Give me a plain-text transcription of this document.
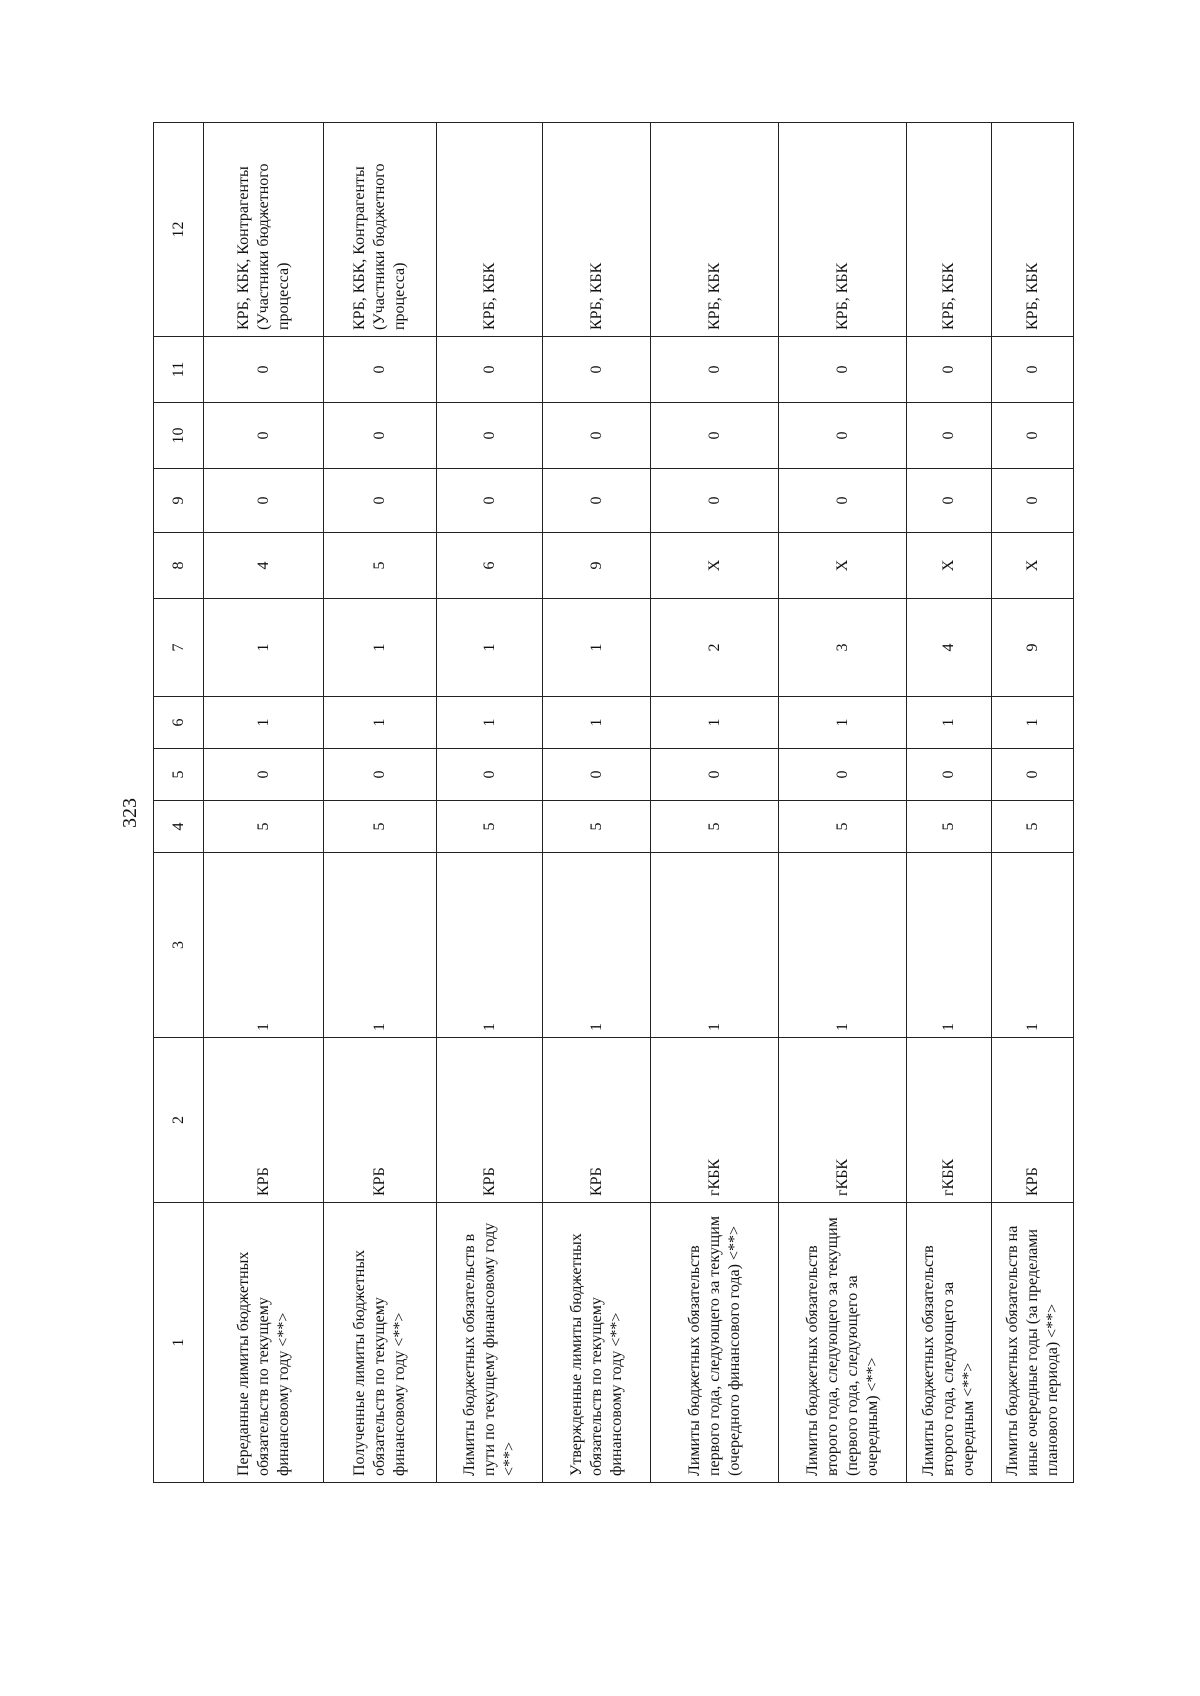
323
1	2	3	4	5	6	7	8	9	10	11	12
Переданные лимиты бюджетных обязательств по текущему финансовому году <**>	КРБ	1	5	0	1	1	4	0	0	0	КРБ, КБК, Контрагенты (Участники бюджетного процесса)
Полученные лимиты бюджетных обязательств по текущему финансовому году <**>	КРБ	1	5	0	1	1	5	0	0	0	КРБ, КБК, Контрагенты (Участники бюджетного процесса)
Лимиты бюджетных обязательств в пути по текущему финансовому году <**>	КРБ	1	5	0	1	1	6	0	0	0	КРБ, КБК
Утвержденные лимиты бюджетных обязательств по текущему финансовому году <**>	КРБ	1	5	0	1	1	9	0	0	0	КРБ, КБК
Лимиты бюджетных обязательств первого года, следующего за текущим (очередного финансового года) <**>	гКБК	1	5	0	1	2	X	0	0	0	КРБ, КБК
Лимиты бюджетных обязательств второго года, следующего за текущим (первого года, следующего за очередным) <**>	гКБК	1	5	0	1	3	X	0	0	0	КРБ, КБК
Лимиты бюджетных обязательств второго года, следующего за очередным <**>	гКБК	1	5	0	1	4	X	0	0	0	КРБ, КБК
Лимиты бюджетных обязательств на иные очередные годы (за пределами планового периода) <**>	КРБ	1	5	0	1	9	X	0	0	0	КРБ, КБК
